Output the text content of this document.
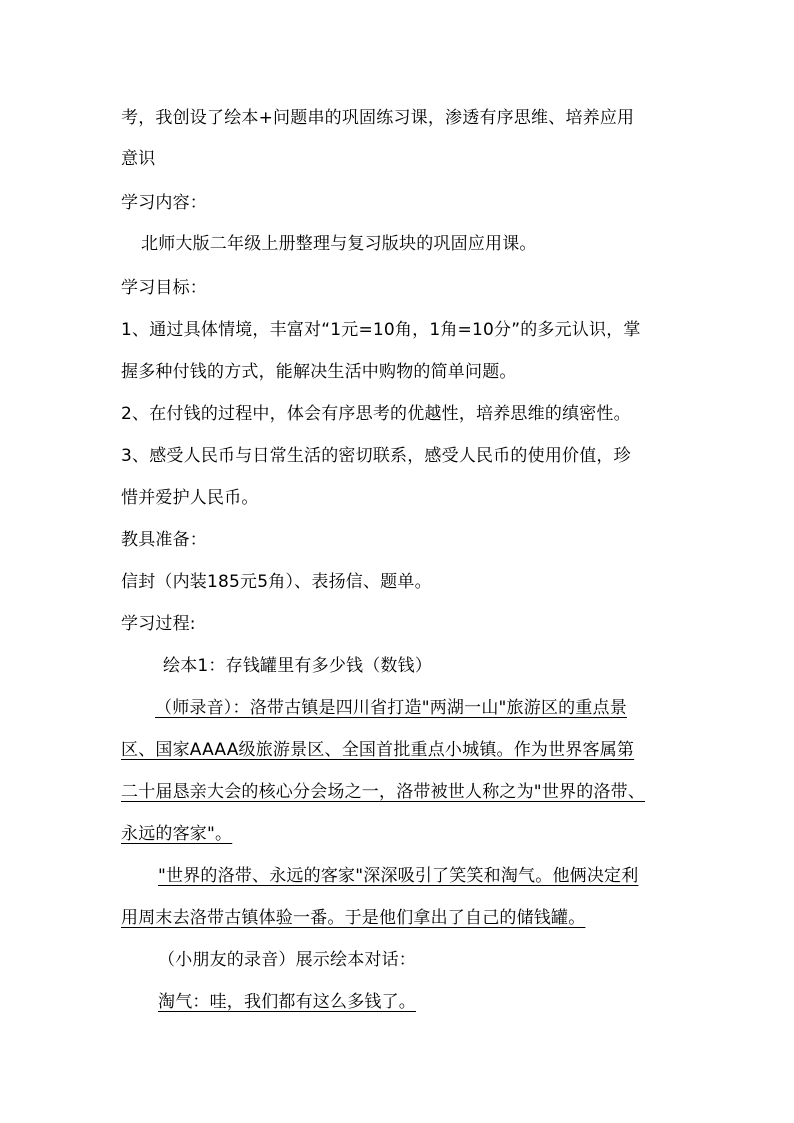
考，我创设了绘本+问题串的巩固练习课，渗透有序思维、培养应用
意识
学习内容：
北师大版二年级上册整理与复习版块的巩固应用课。
学习目标：
1、通过具体情境，丰富对“1元=10角，1角=10分”的多元认识，掌
握多种付钱的方式，能解决生活中购物的简单问题。
2、在付钱的过程中，体会有序思考的优越性，培养思维的缜密性。
3、感受人民币与日常生活的密切联系，感受人民币的使用价值，珍
惜并爱护人民币。
教具准备：
信封（内装185元5角）、表扬信、题单。
学习过程:
绘本1：存钱罐里有多少钱（数钱）
（师录音）：洛带古镇是四川省打造"两湖一山"旅游区的重点景
区、国家AAAA级旅游景区、全国首批重点小城镇。作为世界客属第
二十届恳亲大会的核心分会场之一，洛带被世人称之为"世界的洛带、
永远的客家"。
"世界的洛带、永远的客家"深深吸引了笑笑和淘气。他俩决定利
用周末去洛带古镇体验一番。于是他们拿出了自己的储钱罐。
（小朋友的录音）展示绘本对话：
淘气：哇，我们都有这么多钱了。
